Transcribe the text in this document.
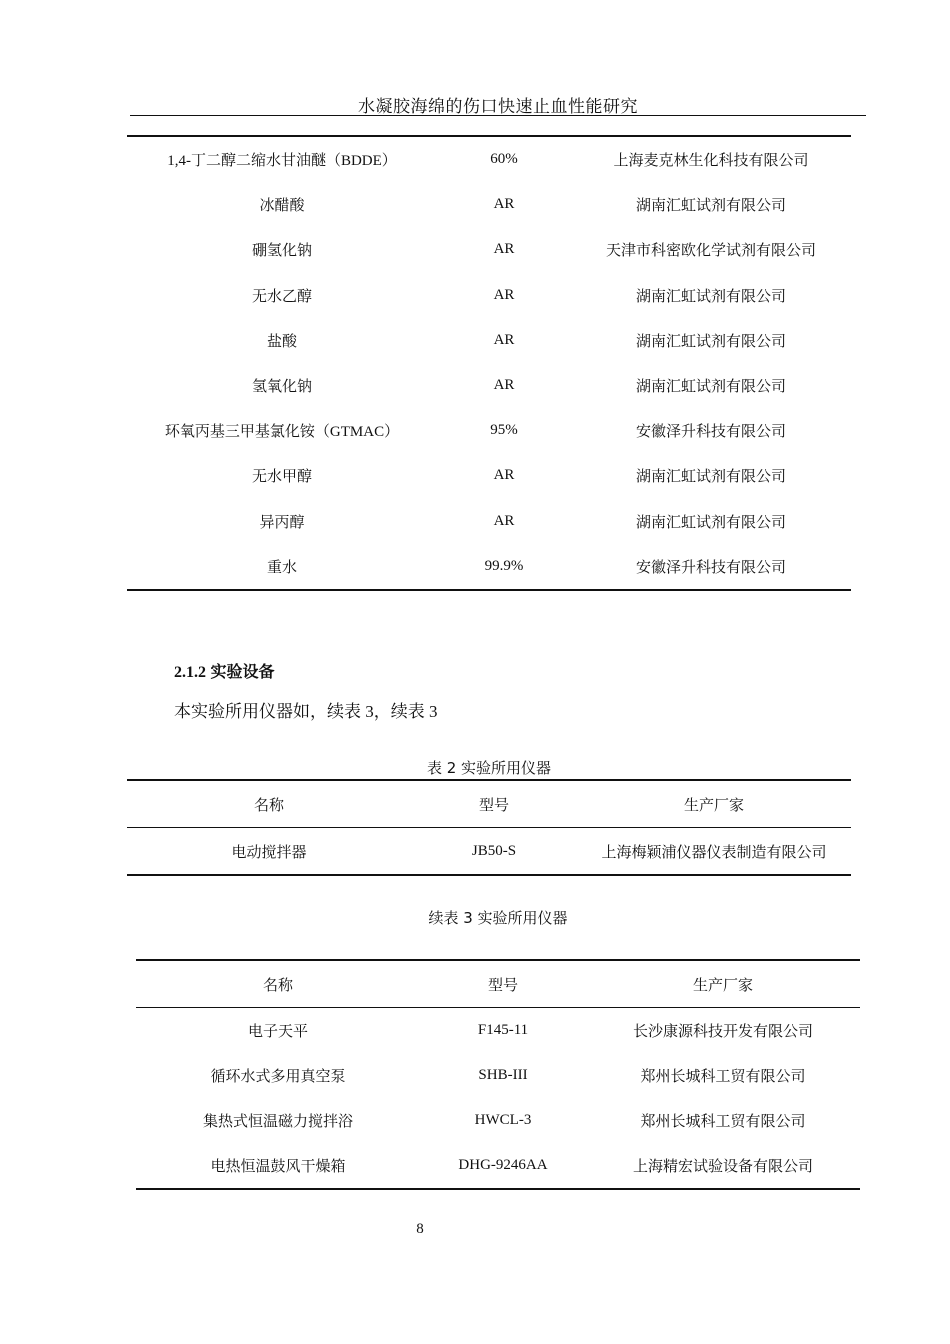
水凝胶海绵的伤口快速止血性能研究
1,4-丁二醇二缩水甘油醚（BDDE）	60%	上海麦克林生化科技有限公司
冰醋酸	AR	湖南汇虹试剂有限公司
硼氢化钠	AR	天津市科密欧化学试剂有限公司
无水乙醇	AR	湖南汇虹试剂有限公司
盐酸	AR	湖南汇虹试剂有限公司
氢氧化钠	AR	湖南汇虹试剂有限公司
环氧丙基三甲基氯化铵（GTMAC）	95%	安徽泽升科技有限公司
无水甲醇	AR	湖南汇虹试剂有限公司
异丙醇	AR	湖南汇虹试剂有限公司
重水	99.9%	安徽泽升科技有限公司
2.1.2 实验设备
本实验所用仪器如，续表 3，续表 3
表 2 实验所用仪器
名称	型号	生产厂家
电动搅拌器	JB50-S	上海梅颖浦仪器仪表制造有限公司
续表 3 实验所用仪器
名称	型号	生产厂家
电子天平	F145-11	长沙康源科技开发有限公司
循环水式多用真空泵	SHB-III	郑州长城科工贸有限公司
集热式恒温磁力搅拌浴	HWCL-3	郑州长城科工贸有限公司
电热恒温鼓风干燥箱	DHG-9246AA	上海精宏试验设备有限公司
8
